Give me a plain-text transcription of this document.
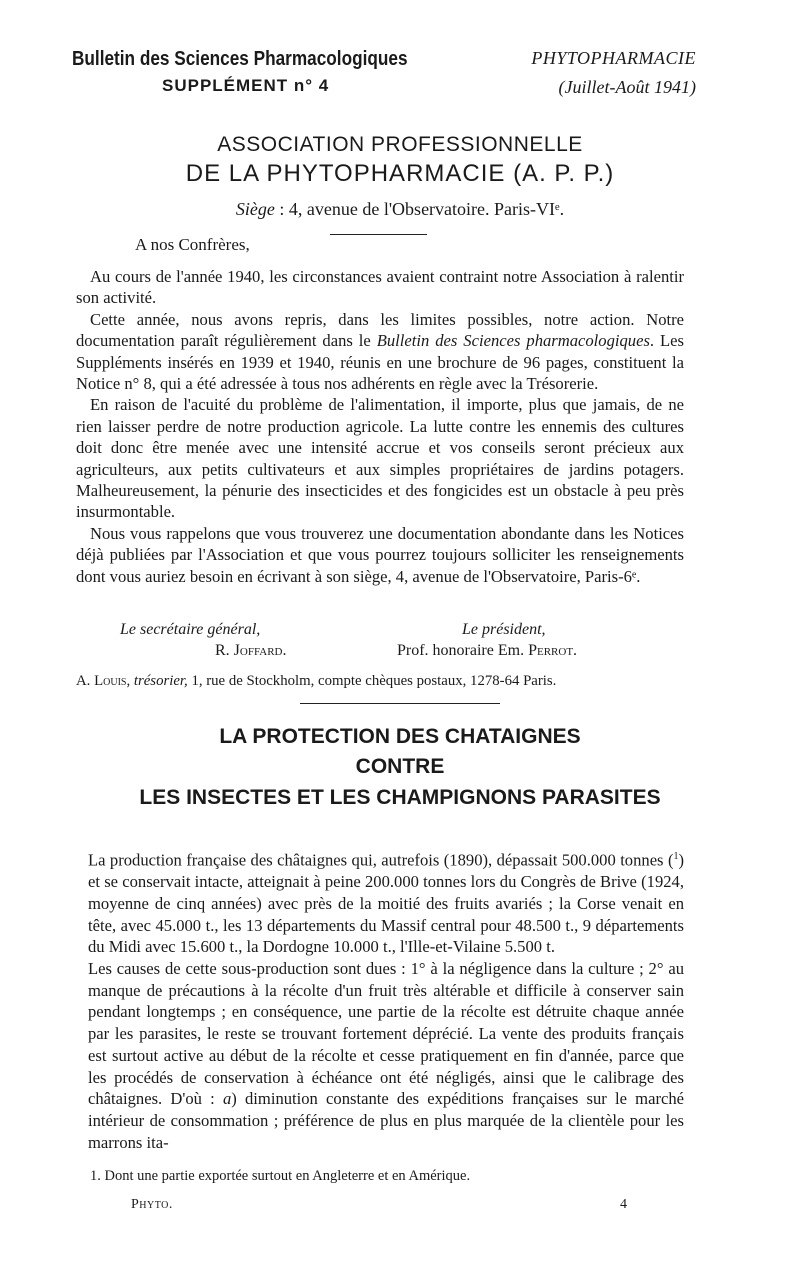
Bulletin des Sciences Pharmacologiques
SUPPLÉMENT n° 4
PHYTOPHARMACIE
(Juillet-Août 1941)
ASSOCIATION PROFESSIONNELLE
DE LA PHYTOPHARMACIE (A. P. P.)
Siège : 4, avenue de l'Observatoire. Paris-VIᵉ.
A nos Confrères,

Au cours de l'année 1940, les circonstances avaient contraint notre Association à ralentir son activité.

Cette année, nous avons repris, dans les limites possibles, notre action. Notre documentation paraît régulièrement dans le Bulletin des Sciences pharmacologiques. Les Suppléments insérés en 1939 et 1940, réunis en une brochure de 96 pages, constituent la Notice n° 8, qui a été adressée à tous nos adhérents en règle avec la Trésorerie.

En raison de l'acuité du problème de l'alimentation, il importe, plus que jamais, de ne rien laisser perdre de notre production agricole. La lutte contre les ennemis des cultures doit donc être menée avec une intensité accrue et vos conseils seront précieux aux agriculteurs, aux petits cultivateurs et aux simples propriétaires de jardins potagers. Malheureusement, la pénurie des insecticides et des fongicides est un obstacle à peu près insurmontable.

Nous vous rappelons que vous trouverez une documentation abondante dans les Notices déjà publiées par l'Association et que vous pourrez toujours solliciter les renseignements dont vous auriez besoin en écrivant à son siège, 4, avenue de l'Observatoire, Paris-6ᵉ.

Le secrétaire général,
R. Joffard.
Le président,
Prof. honoraire Em. Perrot.
A. Louis, trésorier, 1, rue de Stockholm, compte chèques postaux, 1278-64 Paris.
LA PROTECTION DES CHATAIGNES
CONTRE
LES INSECTES ET LES CHAMPIGNONS PARASITES

La production française des châtaignes qui, autrefois (1890), dépassait 500.000 tonnes ($^1$) et se conservait intacte, atteignait à peine 200.000 tonnes lors du Congrès de Brive (1924, moyenne de cinq années) avec près de la moitié des fruits avariés ; la Corse venait en tête, avec 45.000 t., les 13 départements du Massif central pour 48.500 t., 9 départements du Midi avec 15.600 t., la Dordogne 10.000 t., l'Ille-et-Vilaine 5.500 t.

Les causes de cette sous-production sont dues : 1° à la négligence dans la culture ; 2° au manque de précautions à la récolte d'un fruit très altérable et difficile à conserver sain pendant longtemps ; en conséquence, une partie de la récolte est détruite chaque année par les parasites, le reste se trouvant fortement déprécié. La vente des produits français est surtout active au début de la récolte et cesse pratiquement en fin d'année, parce que les procédés de conservation à échéance ont été négligés, ainsi que le calibrage des châtaignes. D'où : a) diminution constante des expéditions françaises sur le marché intérieur de consommation ; préférence de plus en plus marquée de la clientèle pour les marrons ita-

1. Dont une partie exportée surtout en Angleterre et en Amérique.
Phyto.	4
